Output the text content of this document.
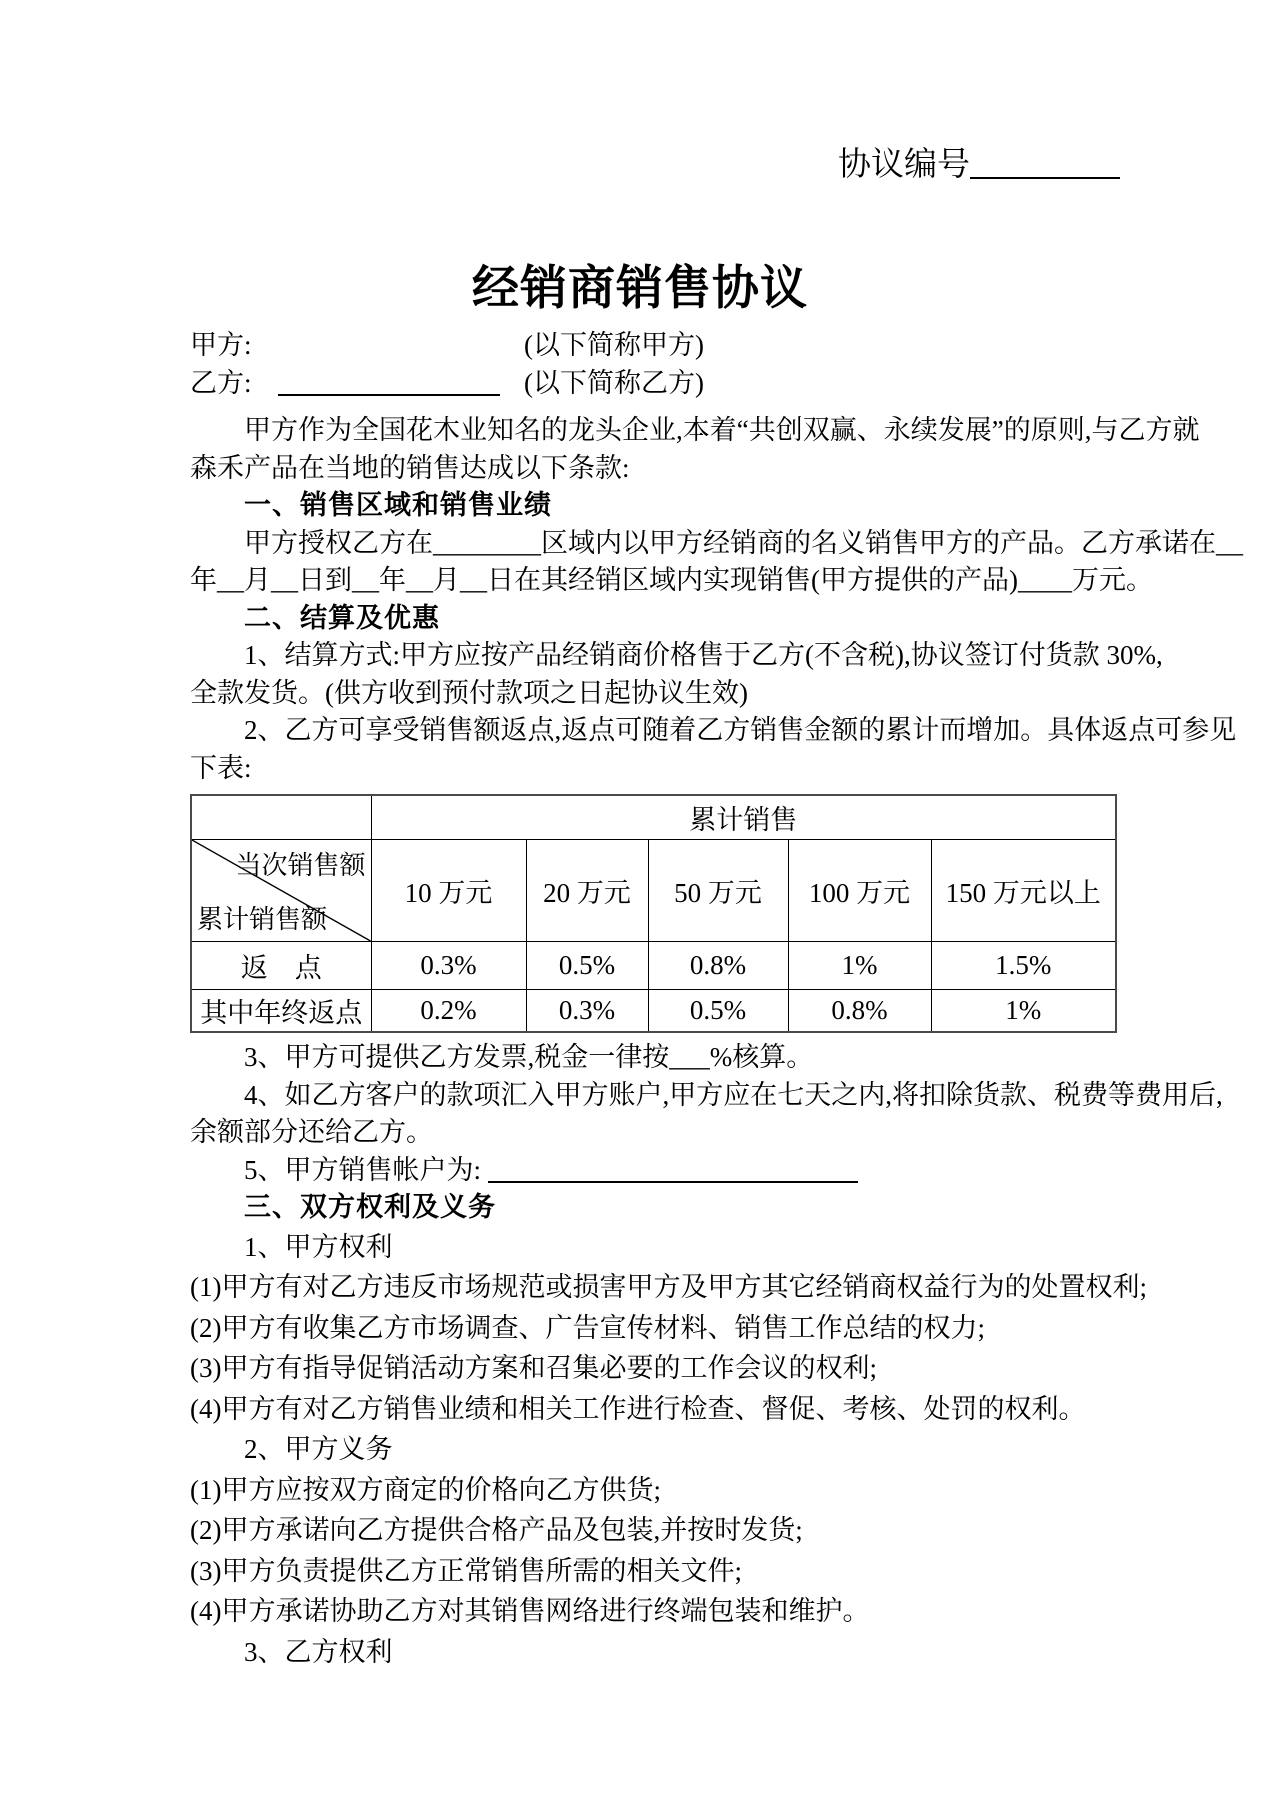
协议编号
经销商销售协议
甲方:	(以下简称甲方)
乙方:	(以下简称乙方)
甲方作为全国花木业知名的龙头企业,本着“共创双赢、永续发展”的原则,与乙方就
森禾产品在当地的销售达成以下条款:
一、销售区域和销售业绩
甲方授权乙方在________区域内以甲方经销商的名义销售甲方的产品。乙方承诺在__
年__月__日到__年__月__日在其经销区域内实现销售(甲方提供的产品)____万元。
二、结算及优惠
1、结算方式:甲方应按产品经销商价格售于乙方(不含税),协议签订付货款 30%,
全款发货。(供方收到预付款项之日起协议生效)
2、乙方可享受销售额返点,返点可随着乙方销售金额的累计而增加。具体返点可参见
下表:
	累计销售				

当次销售额
累计销售额	10 万元	20 万元	50 万元	100 万元	150 万元以上
返　点	0.3%	0.5%	0.8%	1%	1.5%
其中年终返点	0.2%	0.3%	0.5%	0.8%	1%
3、甲方可提供乙方发票,税金一律按___%核算。
4、如乙方客户的款项汇入甲方账户,甲方应在七天之内,将扣除货款、税费等费用后,
余额部分还给乙方。
5、甲方销售帐户为:
三、双方权利及义务
1、甲方权利
(1)甲方有对乙方违反市场规范或损害甲方及甲方其它经销商权益行为的处置权利;
(2)甲方有收集乙方市场调查、广告宣传材料、销售工作总结的权力;
(3)甲方有指导促销活动方案和召集必要的工作会议的权利;
(4)甲方有对乙方销售业绩和相关工作进行检查、督促、考核、处罚的权利。
2、甲方义务
(1)甲方应按双方商定的价格向乙方供货;
(2)甲方承诺向乙方提供合格产品及包装,并按时发货;
(3)甲方负责提供乙方正常销售所需的相关文件;
(4)甲方承诺协助乙方对其销售网络进行终端包装和维护。
3、乙方权利
